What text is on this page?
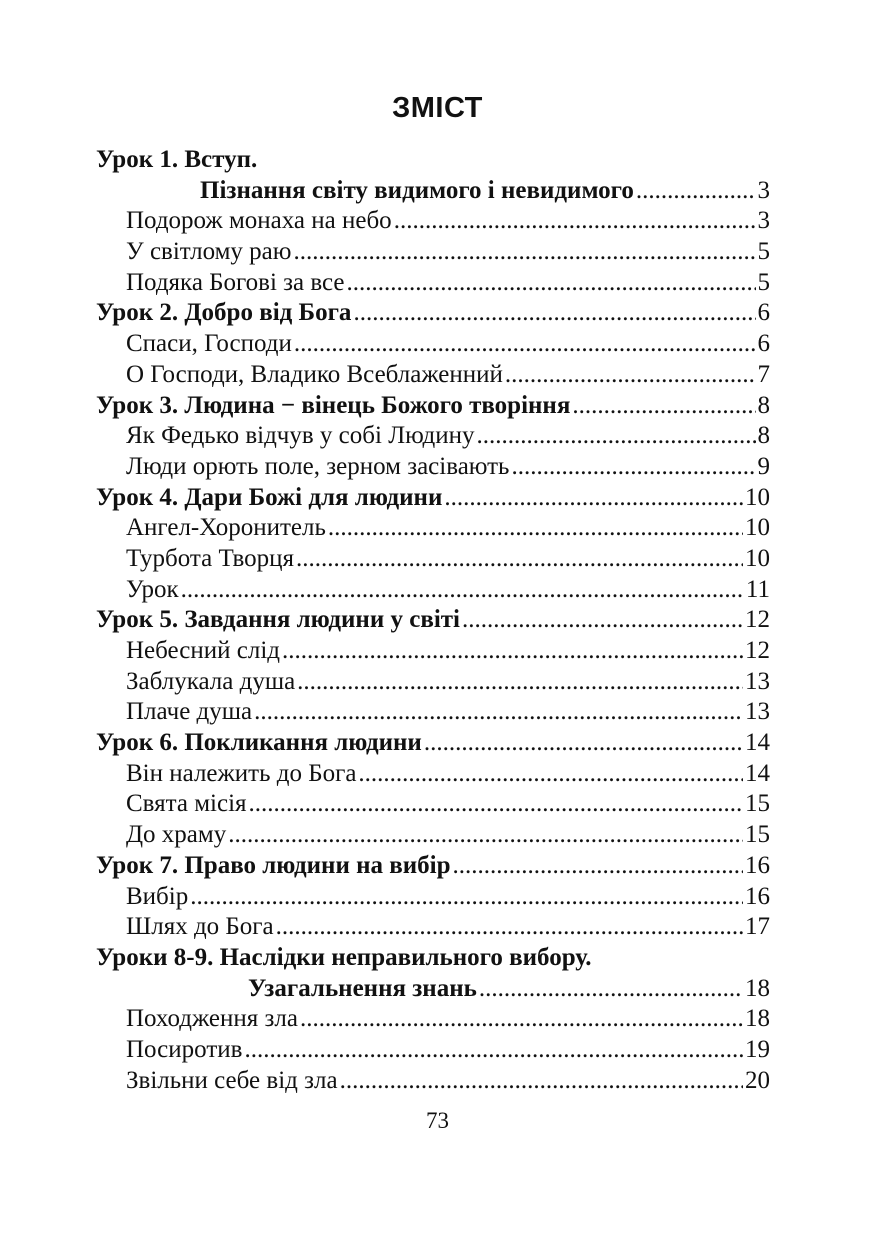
ЗМІСТ
Урок 1. Вступ.
Пізнання світу видимого і невидимого .....	3
Подорож монаха на небо .....	3
У світлому раю .....	5
Подяка Богові за все .....	5
Урок 2. Добро від Бога .....	6
Спаси, Господи .....	6
О Господи, Владико Всеблаженний .....	7
Урок 3. Людина − вінець Божого творіння .....	8
Як Федько відчув у собі Людину .....	8
Люди орють поле, зерном засівають .....	9
Урок 4. Дари Божі для людини .....	10
Ангел-Хоронитель .....	10
Турбота Творця .....	10
Урок .....	11
Урок 5. Завдання людини у світі .....	12
Небесний слід .....	12
Заблукала душа .....	13
Плаче душа .....	13
Урок 6. Покликання людини .....	14
Він належить до Бога .....	14
Свята місія .....	15
До храму .....	15
Урок 7. Право людини на вибір .....	16
Вибір .....	16
Шлях до Бога .....	17
Уроки 8-9. Наслідки неправильного вибору.
Узагальнення знань .....	18
Походження зла .....	18
Посиротив .....	19
Звільни себе від зла .....	20
73
